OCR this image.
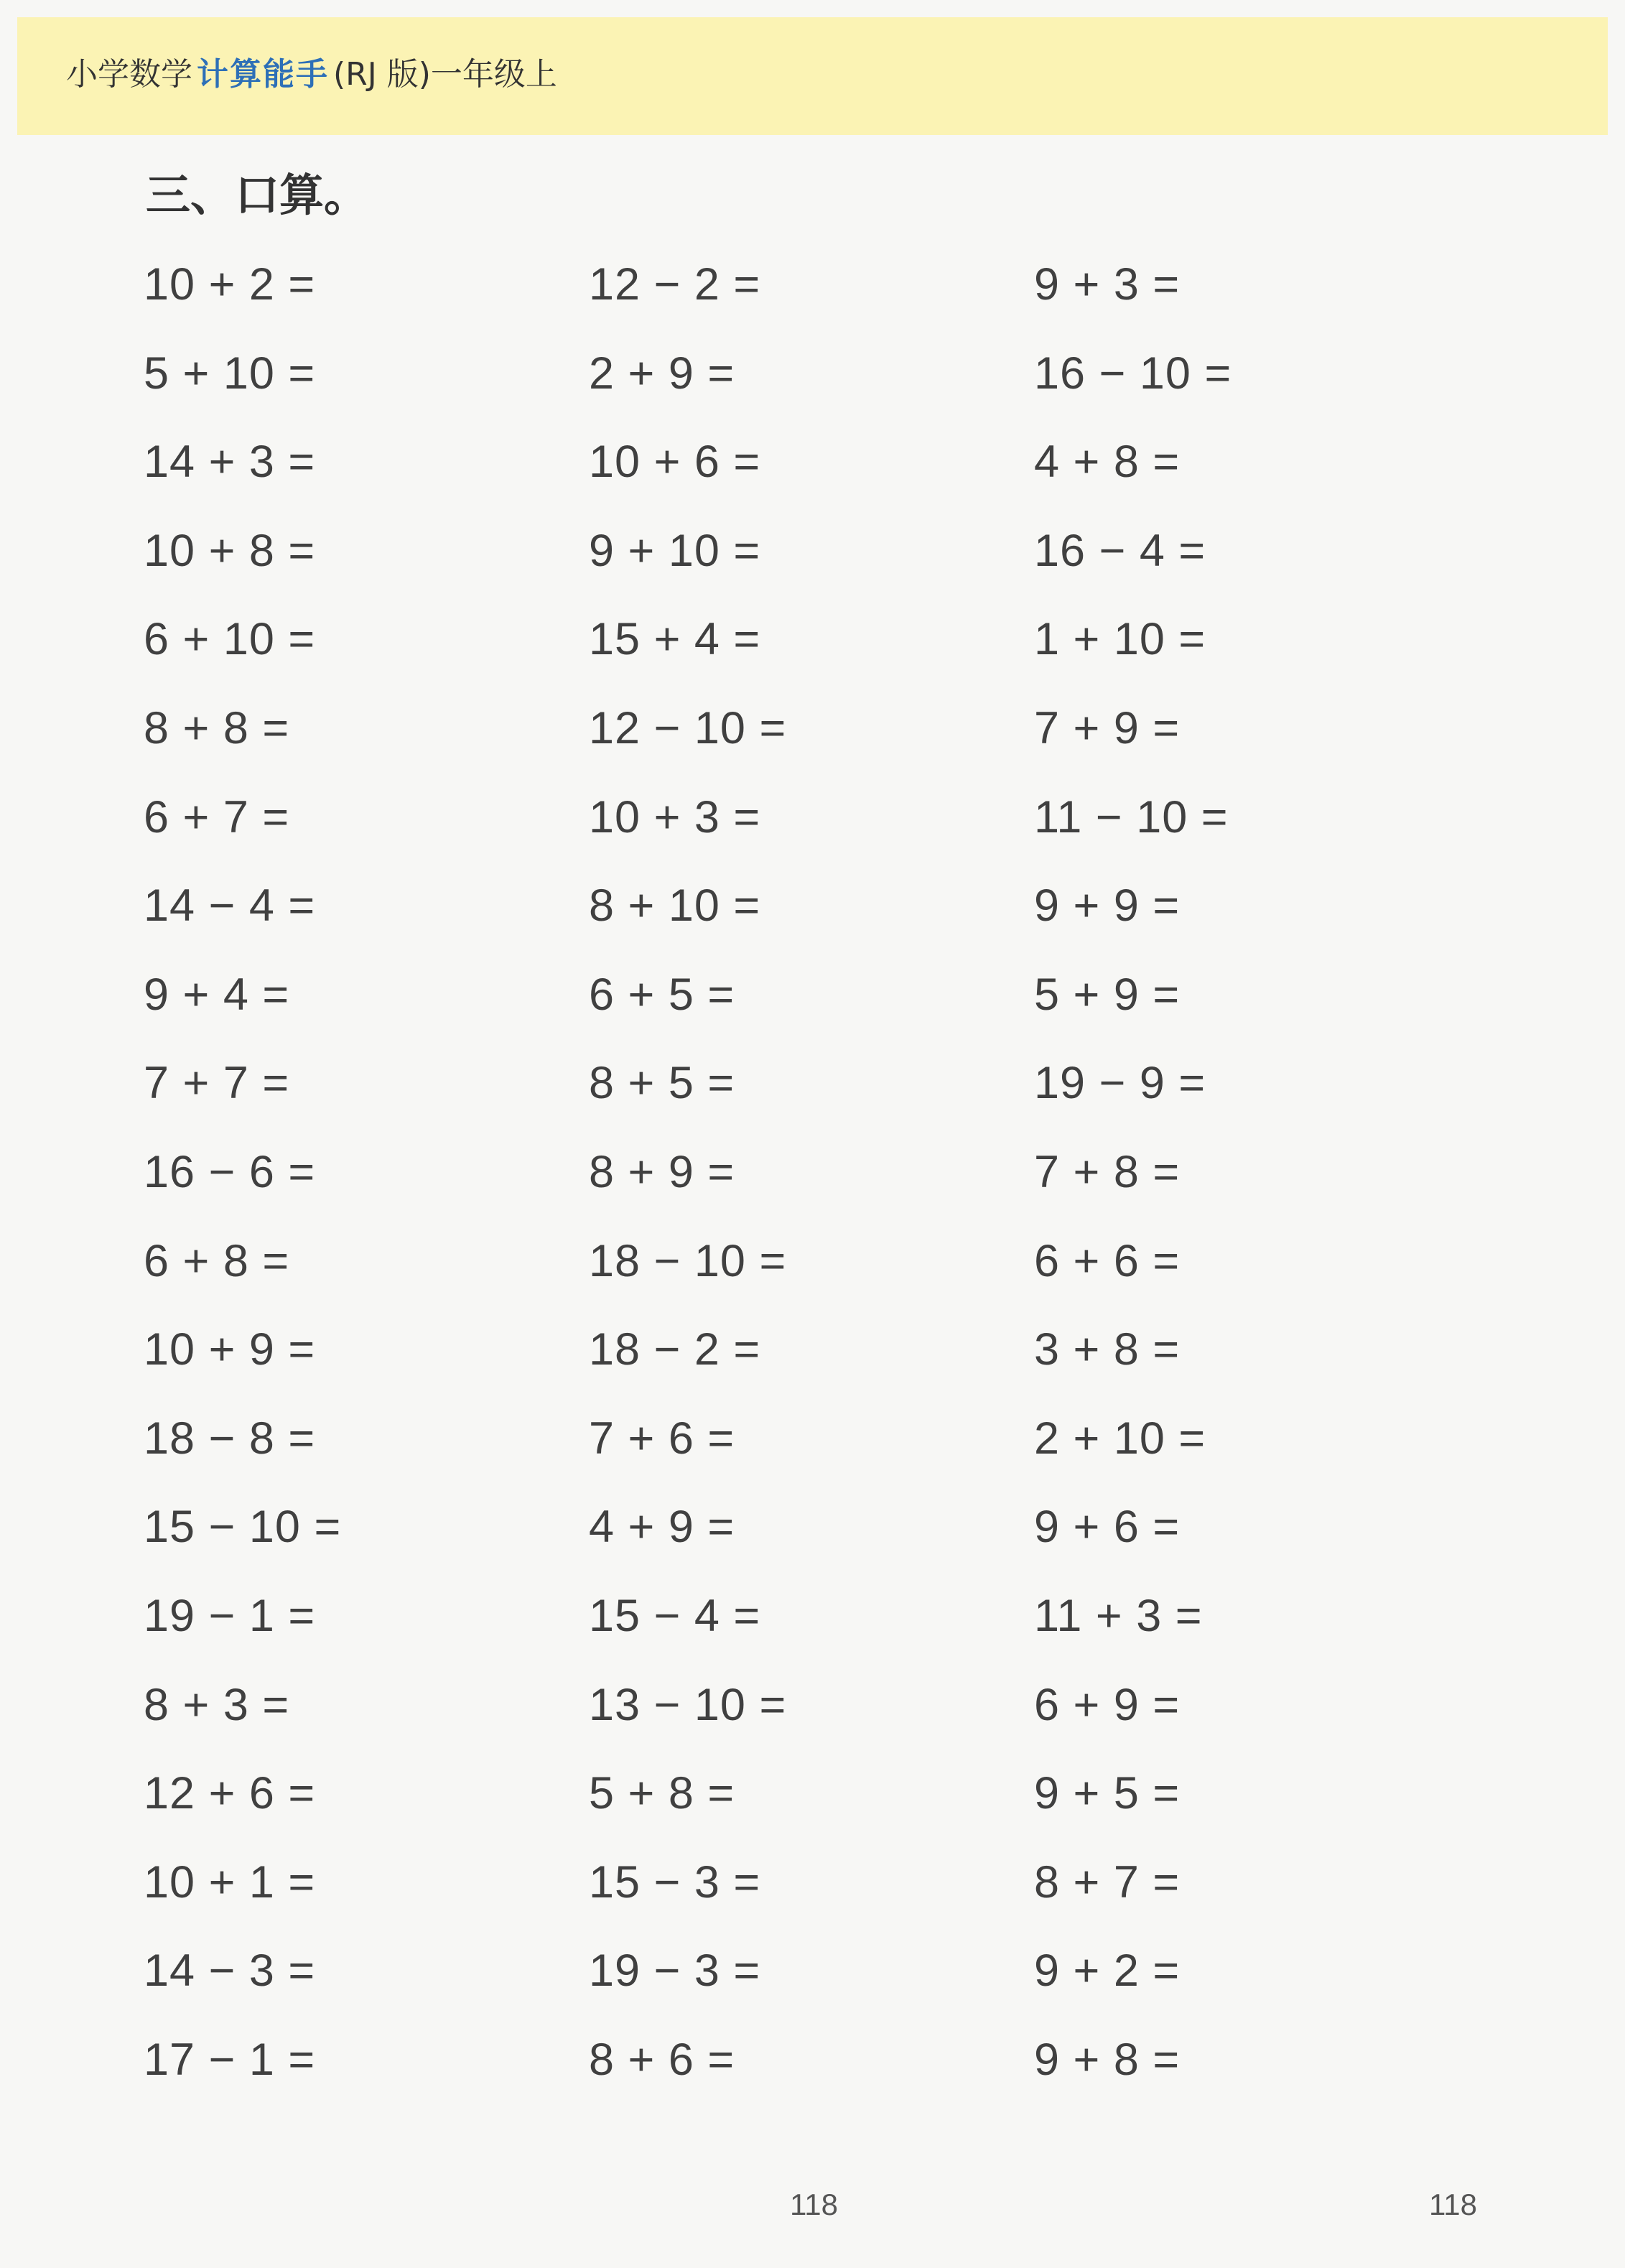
小学数学 计算能手 (RJ 版)一年级上
三、口算。
10 + 2 =
5 + 10 =
14 + 3 =
10 + 8 =
6 + 10 =
8 + 8 =
6 + 7 =
14 − 4 =
9 + 4 =
7 + 7 =
16 − 6 =
6 + 8 =
10 + 9 =
18 − 8 =
15 − 10 =
19 − 1 =
8 + 3 =
12 + 6 =
10 + 1 =
14 − 3 =
17 − 1 =
12 − 2 =
2 + 9 =
10 + 6 =
9 + 10 =
15 + 4 =
12 − 10 =
10 + 3 =
8 + 10 =
6 + 5 =
8 + 5 =
8 + 9 =
18 − 10 =
18 − 2 =
7 + 6 =
4 + 9 =
15 − 4 =
13 − 10 =
5 + 8 =
15 − 3 =
19 − 3 =
8 + 6 =
9 + 3 =
16 − 10 =
4 + 8 =
16 − 4 =
1 + 10 =
7 + 9 =
11 − 10 =
9 + 9 =
5 + 9 =
19 − 9 =
7 + 8 =
6 + 6 =
3 + 8 =
2 + 10 =
9 + 6 =
11 + 3 =
6 + 9 =
9 + 5 =
8 + 7 =
9 + 2 =
9 + 8 =
118	118
